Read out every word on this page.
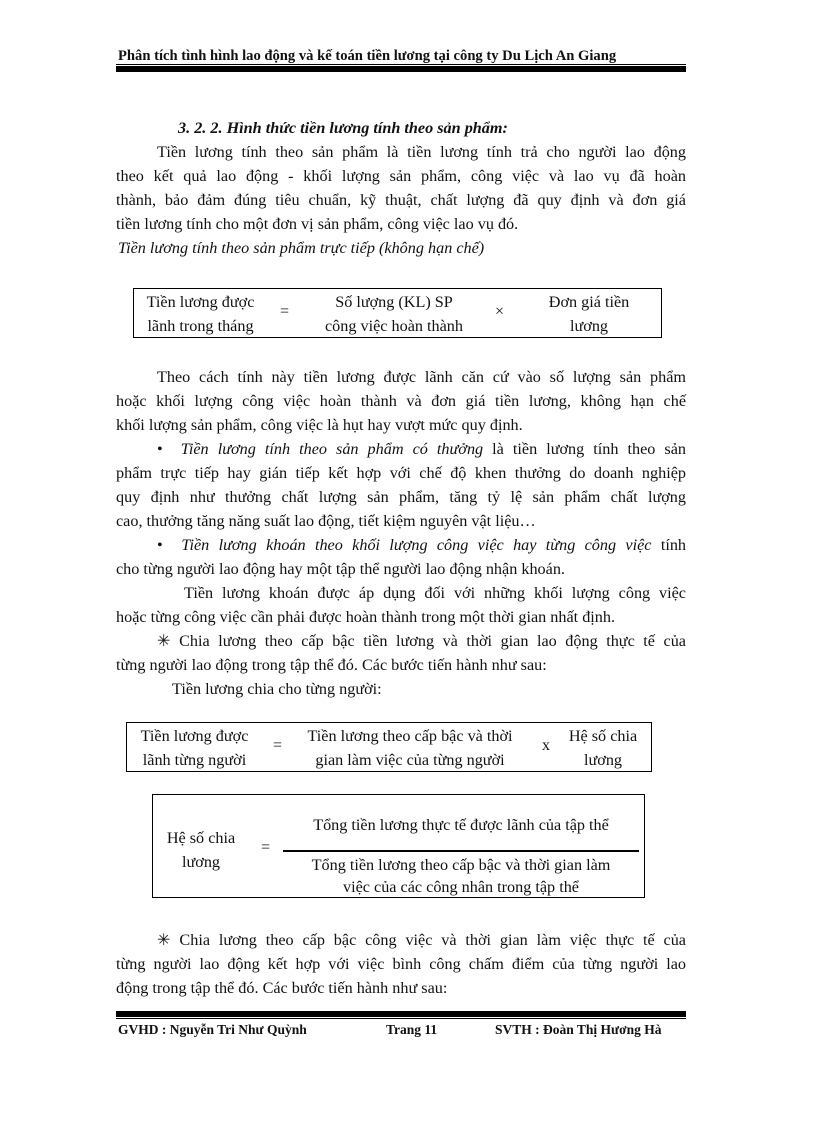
Phân tích tình hình lao động và kế toán tiền lương tại công ty Du Lịch An Giang
3. 2. 2. Hình thức tiền lương tính theo sản phẩm:
Tiền lương tính theo sản phẩm là tiền lương tính trả cho người lao động
theo kết quả lao động - khối lượng sản phẩm, công việc và lao vụ đã hoàn
thành, bảo đảm đúng tiêu chuẩn, kỹ thuật, chất lượng đã quy định và đơn giá
tiền lương tính cho một đơn vị sản phẩm, công việc lao vụ đó.
Tiền lương tính theo sản phẩm trực tiếp (không hạn chế)
Tiền lương được
lãnh trong tháng
=
Số lượng (KL) SP
công việc hoàn thành
×
Đơn giá tiền
lương
Theo cách tính này tiền lương được lãnh căn cứ vào số lượng sản phẩm
hoặc khối lượng công việc hoàn thành và đơn giá tiền lương, không hạn chế
khối lượng sản phẩm, công việc là hụt hay vượt mức quy định.
• Tiền lương tính theo sản phẩm có thưởng là tiền lương tính theo sản
phẩm trực tiếp hay gián tiếp kết hợp với chế độ khen thưởng do doanh nghiệp
quy định như thưởng chất lượng sản phẩm, tăng tỷ lệ sản phẩm chất lượng
cao, thưởng tăng năng suất lao động, tiết kiệm nguyên vật liệu…
• Tiền lương khoán theo khối lượng công việc hay từng công việc tính
cho từng người lao động hay một tập thể người lao động nhận khoán.
Tiền lương khoán được áp dụng đối với những khối lượng công việc
hoặc từng công việc cần phải được hoàn thành trong một thời gian nhất định.
✳ Chia lương theo cấp bậc tiền lương và thời gian lao động thực tế của
từng người lao động trong tập thể đó. Các bước tiến hành như sau:
Tiền lương chia cho từng người:
Tiền lương được
lãnh từng người
=
Tiền lương theo cấp bậc và thời
gian làm việc của từng người
x
Hệ số chia
lương
Hệ số chia
lương
=
Tổng tiền lương thực tế được lãnh của tập thể
Tổng tiền lương theo cấp bậc và thời gian làm
việc của các công nhân trong tập thể
✳ Chia lương theo cấp bậc công việc và thời gian làm việc thực tế của
từng người lao động kết hợp với việc bình công chấm điểm của từng người lao
động trong tập thể đó. Các bước tiến hành như sau:
GVHD : Nguyễn Tri Như Quỳnh	Trang 11	SVTH : Đoàn Thị Hương Hà
